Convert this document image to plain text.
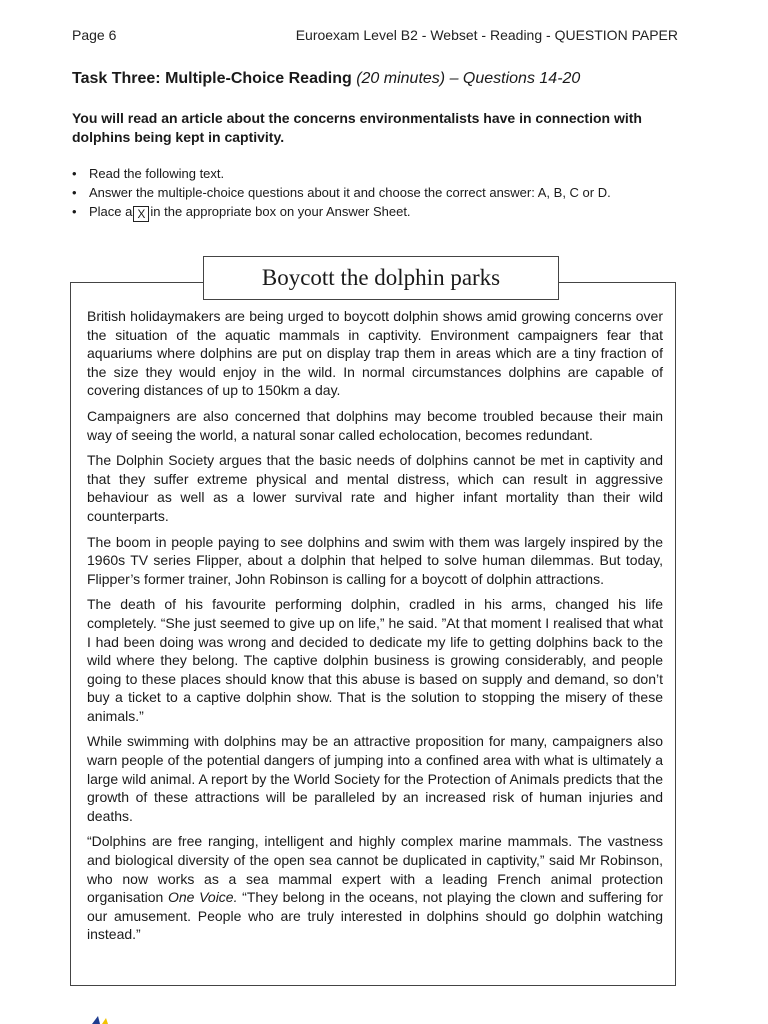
Page 6	Euroexam Level B2 - Webset - Reading - QUESTION PAPER
Task Three: Multiple-Choice Reading (20 minutes) – Questions 14-20
You will read an article about the concerns environmentalists have in connection with dolphins being kept in captivity.
• Read the following text.
• Answer the multiple-choice questions about it and choose the correct answer: A, B, C or D.
• Place a X in the appropriate box on your Answer Sheet.
Boycott the dolphin parks

British holidaymakers are being urged to boycott dolphin shows amid growing concerns over the situation of the aquatic mammals in captivity. Environment campaigners fear that aquariums where dolphins are put on display trap them in areas which are a tiny fraction of the size they would enjoy in the wild. In normal circumstances dolphins are capable of covering distances of up to 150km a day.

Campaigners are also concerned that dolphins may become troubled because their main way of seeing the world, a natural sonar called echolocation, becomes redundant.

The Dolphin Society argues that the basic needs of dolphins cannot be met in captivity and that they suffer extreme physical and mental distress, which can result in aggressive behaviour as well as a lower survival rate and higher infant mortality than their wild counterparts.

The boom in people paying to see dolphins and swim with them was largely inspired by the 1960s TV series Flipper, about a dolphin that helped to solve human dilemmas. But today, Flipper’s former trainer, John Robinson is calling for a boycott of dolphin attractions.

The death of his favourite performing dolphin, cradled in his arms, changed his life completely. “She just seemed to give up on life,” he said. ”At that moment I realised that what I had been doing was wrong and decided to dedicate my life to getting dolphins back to the wild where they belong. The captive dolphin business is growing considerably, and people going to these places should know that this abuse is based on supply and demand, so don’t buy a ticket to a captive dolphin show. That is the solution to stopping the misery of these animals.”

While swimming with dolphins may be an attractive proposition for many, campaigners also warn people of the potential dangers of jumping into a confined area with what is ultimately a large wild animal. A report by the World Society for the Protection of Animals predicts that the growth of these attractions will be paralleled by an increased risk of human injuries and deaths.

“Dolphins are free ranging, intelligent and highly complex marine mammals. The vastness and biological diversity of the open sea cannot be duplicated in captivity,” said Mr Robinson, who now works as a sea mammal expert with a leading French animal protection organisation One Voice. “They belong in the oceans, not playing the clown and suffering for our amusement. People who are truly interested in dolphins should go dolphin watching instead.”
